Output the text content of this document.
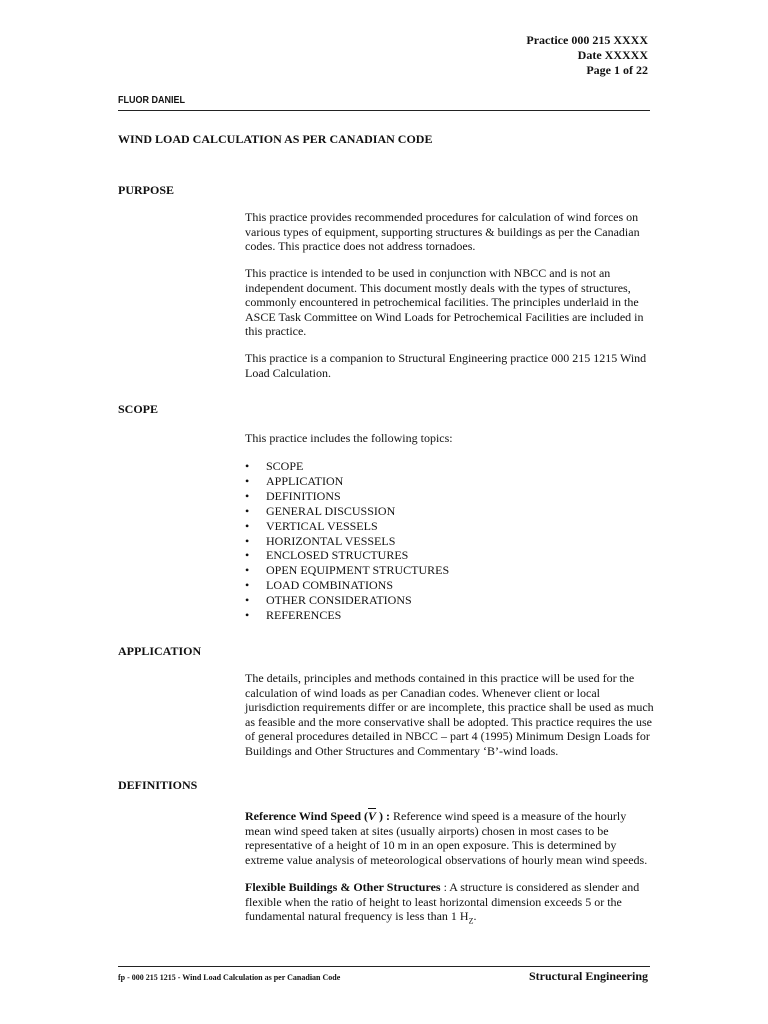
Practice 000 215 XXXX
Date XXXXX
Page 1 of 22
FLUOR DANIEL
WIND LOAD CALCULATION AS PER CANADIAN CODE
PURPOSE

This practice provides recommended procedures for calculation of wind forces on various types of equipment, supporting structures & buildings as per the Canadian codes. This practice does not address tornadoes.

This practice is intended to be used in conjunction with NBCC and is not an independent document. This document mostly deals with the types of structures, commonly encountered in petrochemical facilities. The principles underlaid in the ASCE Task Committee on Wind Loads for Petrochemical Facilities are included in this practice.

This practice is a companion to Structural Engineering practice 000 215 1215 Wind Load Calculation.

SCOPE

This practice includes the following topics:

• SCOPE
• APPLICATION
• DEFINITIONS
• GENERAL DISCUSSION
• VERTICAL VESSELS
• HORIZONTAL VESSELS
• ENCLOSED STRUCTURES
• OPEN EQUIPMENT STRUCTURES
• LOAD COMBINATIONS
• OTHER CONSIDERATIONS
• REFERENCES
APPLICATION

The details, principles and methods contained in this practice will be used for the calculation of wind loads as per Canadian codes. Whenever client or local jurisdiction requirements differ or are incomplete, this practice shall be used as much as feasible and the more conservative shall be adopted. This practice requires the use of general procedures detailed in NBCC – part 4 (1995) Minimum Design Loads for Buildings and Other Structures and Commentary ‘B’-wind loads.

DEFINITIONS

Reference Wind Speed ($\overline{V}$ ) : Reference wind speed is a measure of the hourly mean wind speed taken at sites (usually airports) chosen in most cases to be representative of a height of 10 m in an open exposure. This is determined by extreme value analysis of meteorological observations of hourly mean wind speeds.

Flexible Buildings & Other Structures : A structure is considered as slender and flexible when the ratio of height to least horizontal dimension exceeds 5 or the fundamental natural frequency is less than 1 $H_Z$.

fp - 000 215 1215 - Wind Load Calculation as per Canadian Code	Structural Engineering
